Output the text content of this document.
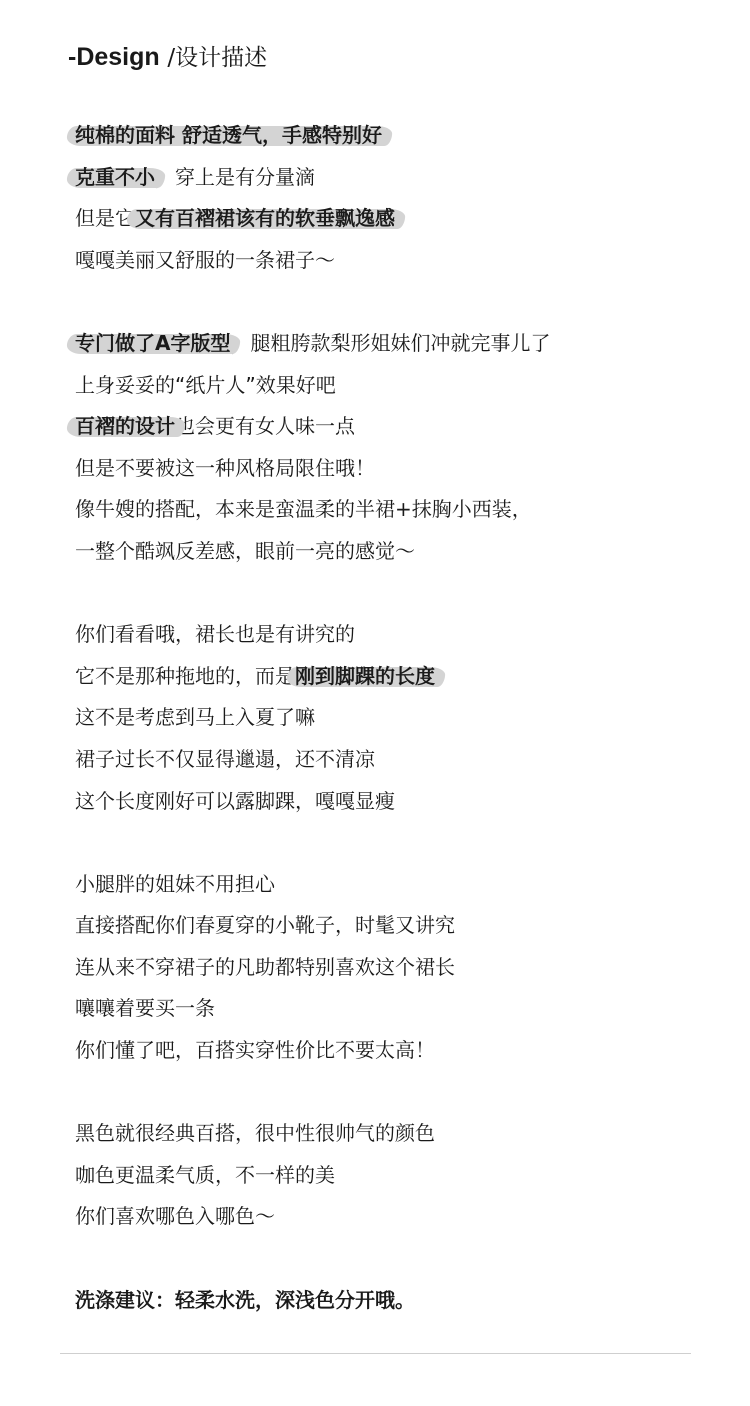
-Design /设计描述
纯棉的面料 舒适透气，手感特别好
克重不小，穿上是有分量滴
但是它又有百褶裙该有的软垂飘逸感
嘎嘎美丽又舒服的一条裙子～
专门做了A字版型，腿粗胯款梨形姐妹们冲就完事儿了
上身妥妥的“纸片人”效果好吧
百褶的设计也会更有女人味一点
但是不要被这一种风格局限住哦！
像牛嫂的搭配，本来是蛮温柔的半裙+抹胸小西装，
一整个酷飒反差感，眼前一亮的感觉～
你们看看哦，裙长也是有讲究的
它不是那种拖地的，而是刚到脚踝的长度
这不是考虑到马上入夏了嘛
裙子过长不仅显得邋遢，还不清凉
这个长度刚好可以露脚踝，嘎嘎显瘦
小腿胖的姐妹不用担心
直接搭配你们春夏穿的小靴子，时髦又讲究
连从来不穿裙子的凡助都特别喜欢这个裙长
嚷嚷着要买一条
你们懂了吧，百搭实穿性价比不要太高！
黑色就很经典百搭，很中性很帅气的颜色
咖色更温柔气质，不一样的美
你们喜欢哪色入哪色～
洗涤建议：轻柔水洗，深浅色分开哦。
